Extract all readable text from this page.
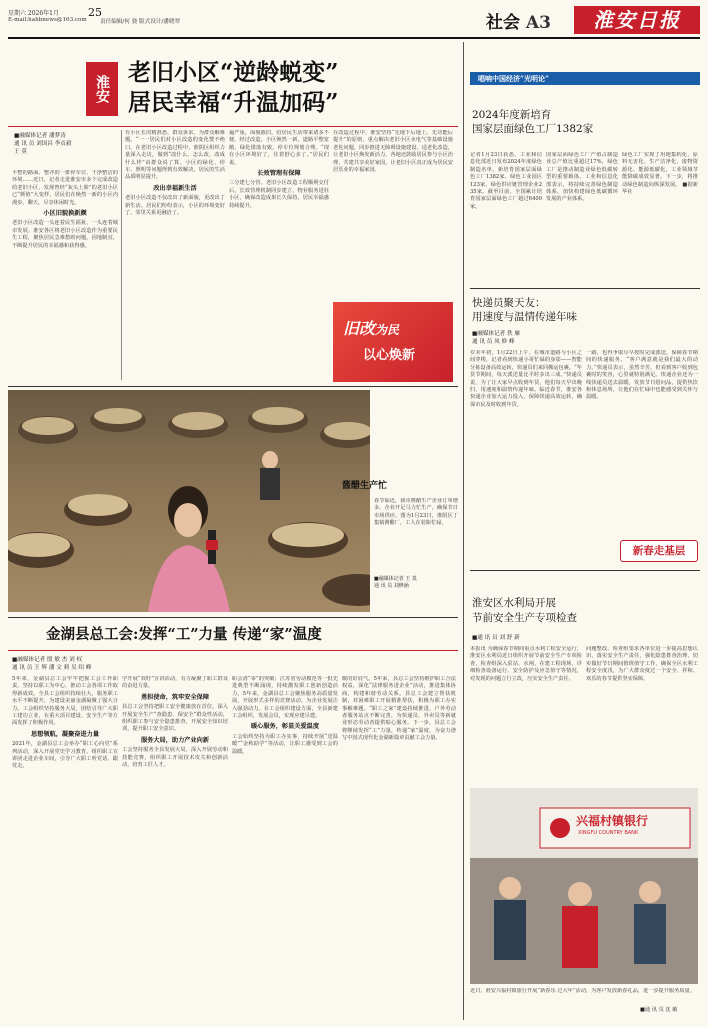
星期六 2026年1月	25
E-mail:hahbnews@163.com 责任编辑/何 骁 版式设计/潘晓翠	社会 A3	淮安日报
淮安
老旧小区“逆龄蜕变”
居民幸福“升温加码”
■融媒体记者 潘梦涛
通 讯 员 刘国昌 李贞毅
王 莫
平整的路面、整齐的一排停车位，干净整洁的环境……近日，记者走进淮安市多个完成改造的老旧小区，发现曾经“灰头土脸”的老旧小区已“颜值”大变样，居民们在焕然一新的小区内漫步、聊天，尽享休闲时光。
小区旧貌换新颜
老旧小区改造一头连着民生福祉，一头连着城市发展。淮安各区将老旧小区改造作为重要民生工程，聚焦居民急难愁盼问题，因地制宜，不断提升居民的幸福感和获得感。
有小区长的精准悉，群众诉求，为群众解难题。“一一居民们对小区改造的变化赞不绝口。在老旧小区改造过程中，淮阴区组织力量深入走访，做到“改什么、怎么改、改成什么样”由群众说了算。小区的绿化、停车、照明等问题得到有效解决，居民的生活品质明显提升。
改出幸福新生活
老旧小区改造不仅改出了新面貌，更改出了新生活。居民们纷纷表示，小区的环境变好了，邻里关系更融洽了。
遍严重，面貌陈旧，给居民生活带来诸多不便。经过改造，小区焕然一新，道路平整宽敞，绿化错落有致，停车位规划合理。“现在小区环境好了，住着舒心多了。”居民们说。
长效管理有保障
三分建七分管。老旧小区改造工程顺利交付后，长效管理机制同步建立，物业服务进驻小区，确保改造成果长久保持，居民幸福感持续提升。
在改造过程中，淮安坚持“先地下后地上、先功能后提升”的原则，重点解决老旧小区水电气等基础设施老化问题，同步推进无障碍设施建设、适老化改造，让老旧小区焕发新活力。各地还鼓励居民参与小区治理，共建共享美好家园，让老旧小区真正成为居民安居乐业的幸福家园。
旧改为民
以心焕新
酱醋生产忙
春节临近，我市酱醋生产企业订单增多，企业开足马力忙生产，确保节日市场供应。图为1月23日，淮阴区丁集镇酱醋厂，工人在装瓶忙碌。
■融媒体记者 王 莫
通 讯 员 刘修涵
唱响中国经济“光明论”
2024年度新培育
国家层面绿色工厂1382家
记者1月23日获悉，工业和信息化部近日发布2024年度绿色制造名单，新培育国家层面绿色工厂1382家、绿色工业园区123家、绿色供应链管理企业235家。截至目前，全国累计培育国家层面绿色工厂超过6400家。
国家层面绿色工厂产值占制造业总产值比重超过17%，绿色工厂是推动制造业绿色低碳转型的重要载体。工业和信息化部表示，将持续完善绿色制造体系，加快构建绿色低碳循环发展的产业体系。
绿色工厂实现了用地集约化、原料无害化、生产洁净化、废物资源化、能源低碳化，工业领域节能降碳成效显著。下一步，将推动绿色制造向纵深发展。 ■据新华社
快递员聚天友：
用速度与温情传递年味
■融媒体记者 佚 雁
通 讯 员 凤 修 峰
岁末年初，1月22日上午，在城市道路与小区之间穿梭，记者看到快递小哥忙碌的身影——智能分拣设备高效运转，快递员们来回搬运包裹。“年货节期间，每天派送量比平时多出三成。”快递员说，为了让大家早点收到年货，他们每天早出晚归，用速度和温情传递年味。临近春节，淮安各快递企业加大运力投入，保障快递高效运转，确保市民及时收到年货。
一路，也得争取尽早按时完成派送，保障春节期间的快递服务。“客户满意就是我们最大的动力。”快递员表示，虽然辛苦，但看到客户收到包裹时的笑容，心里就特别满足。快递企业还为一线快递员送去温暖，发放节日慰问品，提供热饮和休息场所，让他们在忙碌中也能感受到关怀与温暖。
新春走基层
淮安区水利局开展
节前安全生产专项检查
■通 讯 员 刘 舒 新
本报讯 为确保春节期间重点水利工程安全运行，淮安区水利局近日组织开展节前安全生产专项检查，检查组深入泵站、水闸、在建工程现场，详细检查设备运行、安全防护及应急值守等情况，对发现的问题立行立改，压实安全生产责任。
问题整改。检查组要求各单位进一步提高思想认识，落实安全生产责任，强化隐患排查治理，切实做好节日期间值班值守工作，确保全区水利工程安全度汛，为广大群众度过一个安全、祥和、欢乐的春节提供坚实保障。
兴福村镇银行
XINGFU COUNTRY BANK
近日，淮安兴福村镇银行开展“新春乐 过大年”活动，为客户发放新春礼品，进一步提升服务质量。
■通 讯 员 沈 敏
金湖县总工会:发挥“工”力量 传递“家”温度
■融媒体记者 殷 敏 杰 刘 权
通 讯 员 王 辉 潘 文 莉 吴 绍 峰
5年来，金湖县总工会牢牢把握工会工作职责，坚持以职工为中心，推动工会各项工作取得新成效。全县工会组织持续壮大，服务职工水平不断提升，为建设美丽金湖凝聚了强大合力。工会组织坚持服务大局，团结引导广大职工建功立业，在重大项目建设、安全生产等方面发挥了积极作用。
思想领航，凝聚奋进力量
2021年，金湖县总工会举办“职工心向党”系列活动，深入开展党史学习教育，组织职工宣讲团走进企业车间，引导广大职工听党话、跟党走。
学开展“双旺”宣讲活动，有力凝聚了职工群众的奋进力量。
勇担使命，筑牢安全保障
县总工会坚持把职工安全健康放在首位，深入开展安全生产“查隐患、保安全”群众性活动，组织职工参与安全隐患排查，开展安全知识培训，提升职工安全意识。
服务大局，助力产业向新
工会坚持服务全县发展大局，深入开展劳动和技能竞赛，组织职工开展技术攻关和创新活动，培育工匠人才。
职会清“零”的突破；江苏省劳动模范等一批先进典型不断涌现，持续激发职工创新创造活力。5年来，金湖县总工会聚焦服务高质量发展，开展形式多样的竞赛活动，为企业发展注入强劲动力。在工会组织建设方面，全县新建工会组织，发展会员，实现应建尽建。
暖心服务，彰显关爱温度
工会始终坚持为职工办实事，持续开展“送温暖”“金秋助学”等活动，让职工感受到工会的温暖。
暖的好底气。5年来，县总工会坚持维护职工合法权益，深化“法律服务进企业”活动，推进集体协商，构建和谐劳动关系。县总工会建立帮扶机制，对困难职工开展精准帮扶，积极为职工办实事解难题。“职工之家”建设持续推进，户外劳动者服务站点不断完善，为快递员、外卖员等新就业形态劳动者提供贴心服务。下一步，县总工会将继续发挥“工”力量，传递“家”温度，为奋力谱写中国式现代化金湖新篇章贡献工会力量。
